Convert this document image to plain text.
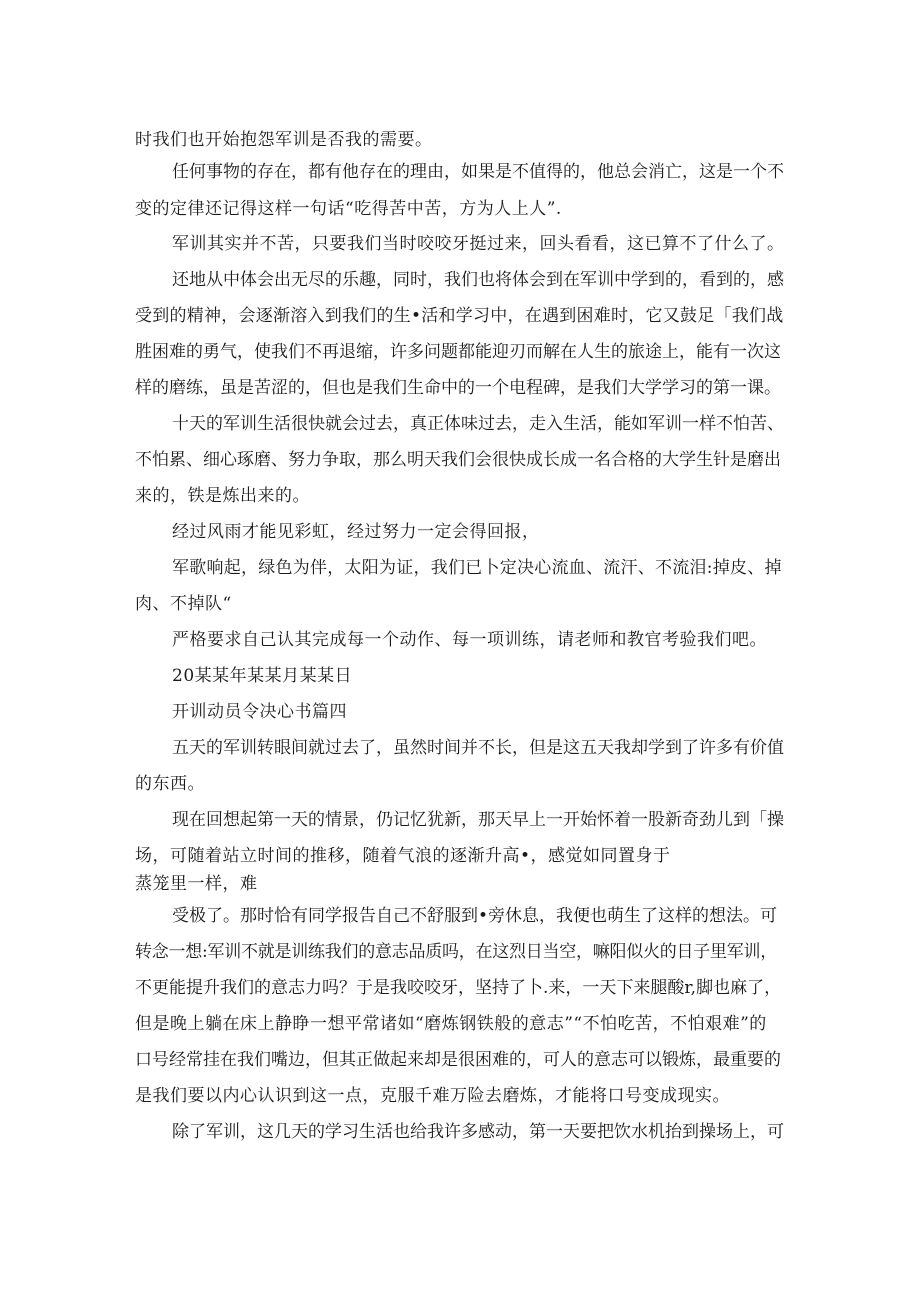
时我们也开始抱怨军训是否我的需要。

任何事物的存在，都有他存在的理由，如果是不值得的，他总会消亡，这是一个不

变的定律还记得这样一句话“吃得苦中苦，方为人上人”.

军训其实并不苦，只要我们当时咬咬牙挺过来，回头看看，这已算不了什么了。

还地从中体会出无尽的乐趣，同时，我们也将体会到在军训中学到的，看到的，感

受到的精神，会逐渐溶入到我们的生•活和学习中，在遇到困难时，它又鼓足「我们战

胜困难的勇气，使我们不再退缩，许多问题都能迎刃而解在人生的旅途上，能有一次这

样的磨练，虽是苦涩的，但也是我们生命中的一个电程碑，是我们大学学习的第一课。

十天的军训生活很快就会过去，真正体味过去，走入生活，能如军训一样不怕苦、

不怕累、细心琢磨、努力争取，那么明天我们会很快成长成一名合格的大学生针是磨出

来的，铁是炼出来的。

经过风雨才能见彩虹，经过努力一定会得回报，

军歌响起，绿色为伴，太阳为证，我们已卜定决心流血、流汗、不流泪:掉皮、掉

肉、不掉队“

严格要求自己认其完成每一个动作、每一项训练，请老师和教官考验我们吧。

20某某年某某月某某日

开训动员令决心书篇四

五天的军训转眼间就过去了，虽然时间并不长，但是这五天我却学到了许多有价值

的东西。

现在回想起第一天的情景，仍记忆犹新，那天早上一开始怀着一股新奇劲儿到「操

场，可随着站立时间的推移，随着气浪的逐渐升高•，感觉如同置身于

蒸笼里一样，难

受极了。那时恰有同学报告自己不舒服到•旁休息，我便也萌生了这样的想法。可

转念一想:军训不就是训练我们的意志品质吗，在这烈日当空，嘛阳似火的日子里军训，

不更能提升我们的意志力吗？于是我咬咬牙，坚持了卜.来，一天下来腿酸r,脚也麻了，

但是晚上躺在床上静睁一想平常诸如“磨炼钢铁般的意志”“不怕吃苦，不怕艰难”的

口号经常挂在我们嘴边，但其正做起来却是很困难的，可人的意志可以锻炼，最重要的

是我们要以内心认识到这一点，克服千难万险去磨炼，才能将口号变成现实。

除了军训，这几天的学习生活也给我许多感动，第一天要把饮水机抬到操场上，可
